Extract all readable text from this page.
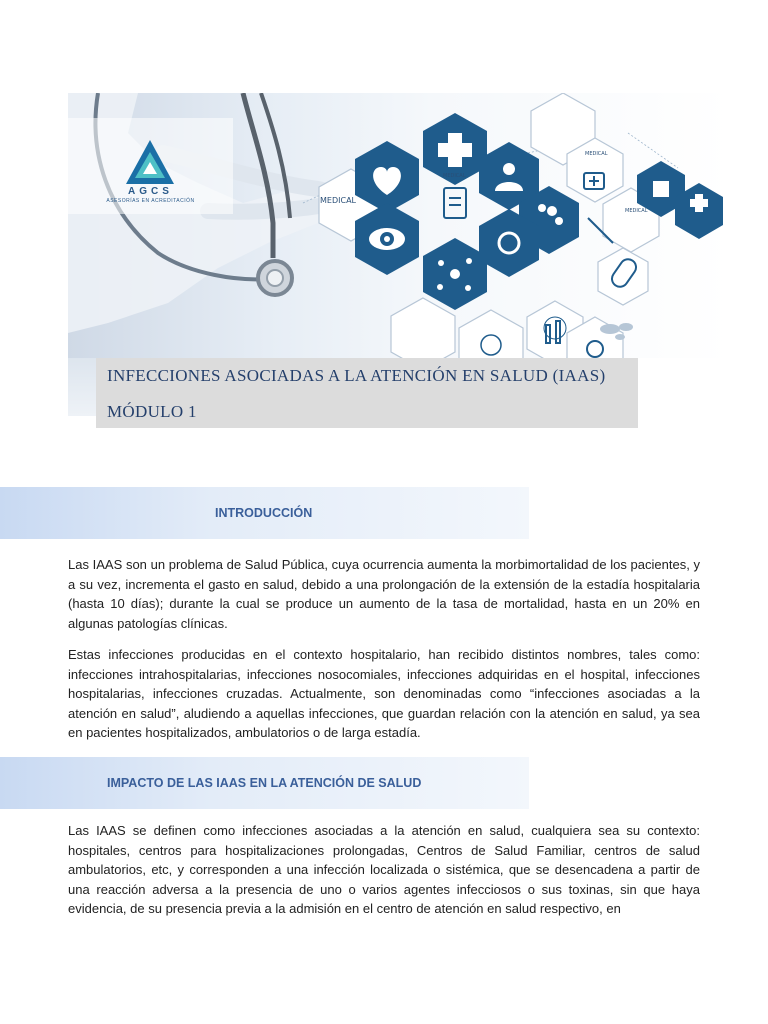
MEDICAL
MEDICAL
MEDICAL
MEDICAL
AGCS
ASESORÍAS EN ACREDITACIÓN
INFECCIONES ASOCIADAS A LA ATENCIÓN EN SALUD (IAAS)
MÓDULO 1
INTRODUCCIÓN

Las IAAS son un problema de Salud Pública, cuya ocurrencia aumenta la morbimortalidad de los pacientes, y a su vez, incrementa el gasto en salud, debido a una prolongación de la extensión de la estadía hospitalaria (hasta 10 días); durante la cual se produce un aumento de la tasa de mortalidad, hasta en un 20% en algunas patologías clínicas.

Estas infecciones producidas en el contexto hospitalario, han recibido distintos nombres, tales como: infecciones intrahospitalarias, infecciones nosocomiales, infecciones adquiridas en el hospital, infecciones hospitalarias, infecciones cruzadas. Actualmente, son denominadas como “infecciones asociadas a la atención en salud”, aludiendo a aquellas infecciones, que guardan relación con la atención en salud, ya sea en pacientes hospitalizados, ambulatorios o de larga estadía.

IMPACTO DE LAS IAAS EN LA ATENCIÓN DE SALUD

Las IAAS se definen como infecciones asociadas a la atención en salud, cualquiera sea su contexto: hospitales, centros para hospitalizaciones prolongadas, Centros de Salud Familiar, centros de salud ambulatorios, etc, y corresponden a una infección localizada o sistémica, que se desencadena a partir de una reacción adversa a la presencia de uno o varios agentes infecciosos o sus toxinas, sin que haya evidencia, de su presencia previa a la admisión en el centro de atención en salud respectivo, en
